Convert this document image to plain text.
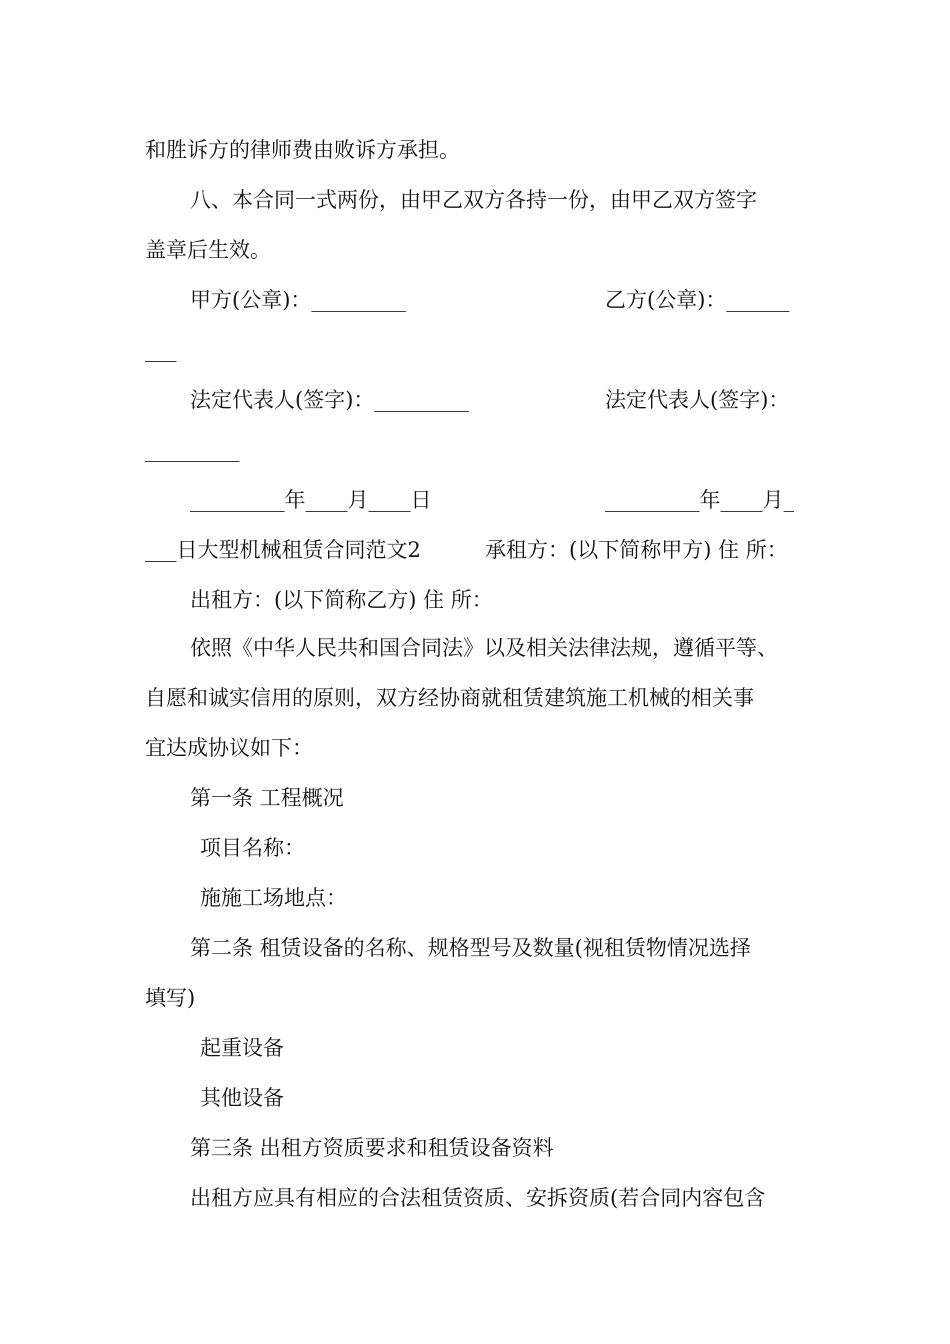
和胜诉方的律师费由败诉方承担。
八、本合同一式两份，由甲乙双方各持一份，由甲乙双方签字
盖章后生效。
甲方(公章)：_________	乙方(公章)：______
___
法定代表人(签字)：_________	法定代表人(签字)：
_________
_________年____月____日	_________年____月_
___日大型机械租赁合同范文2	承租方：(以下简称甲方) 住 所：
出租方：(以下简称乙方) 住 所：
依照《中华人民共和国合同法》以及相关法律法规，遵循平等、
自愿和诚实信用的原则，双方经协商就租赁建筑施工机械的相关事
宜达成协议如下：
第一条 工程概况
项目名称：
施施工场地点：
第二条 租赁设备的名称、规格型号及数量(视租赁物情况选择
填写)
起重设备
其他设备
第三条 出租方资质要求和租赁设备资料
出租方应具有相应的合法租赁资质、安拆资质(若合同内容包含
